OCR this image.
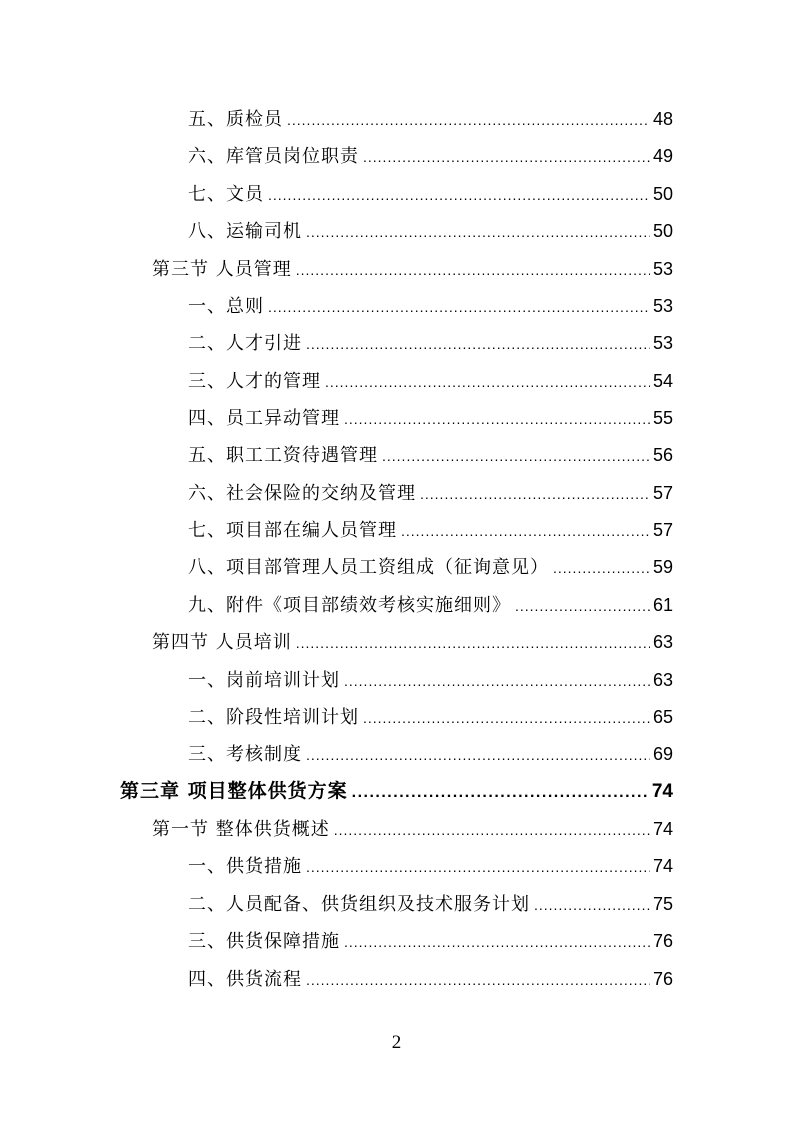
五、质检员 .....	48
六、库管员岗位职责 .....	49
七、文员 .....	50
八、运输司机 .....	50
第三节 人员管理 .....	53
一、总则 .....	53
二、人才引进 .....	53
三、人才的管理 .....	54
四、员工异动管理 .....	55
五、职工工资待遇管理 .....	56
六、社会保险的交纳及管理 .....	57
七、项目部在编人员管理 .....	57
八、项目部管理人员工资组成（征询意见） .....	59
九、附件《项目部绩效考核实施细则》 .....	61
第四节 人员培训 .....	63
一、岗前培训计划 .....	63
二、阶段性培训计划 .....	65
三、考核制度 .....	69
第三章 项目整体供货方案 .....	74
第一节 整体供货概述 .....	74
一、供货措施 .....	74
二、人员配备、供货组织及技术服务计划 .....	75
三、供货保障措施 .....	76
四、供货流程 .....	76
2
